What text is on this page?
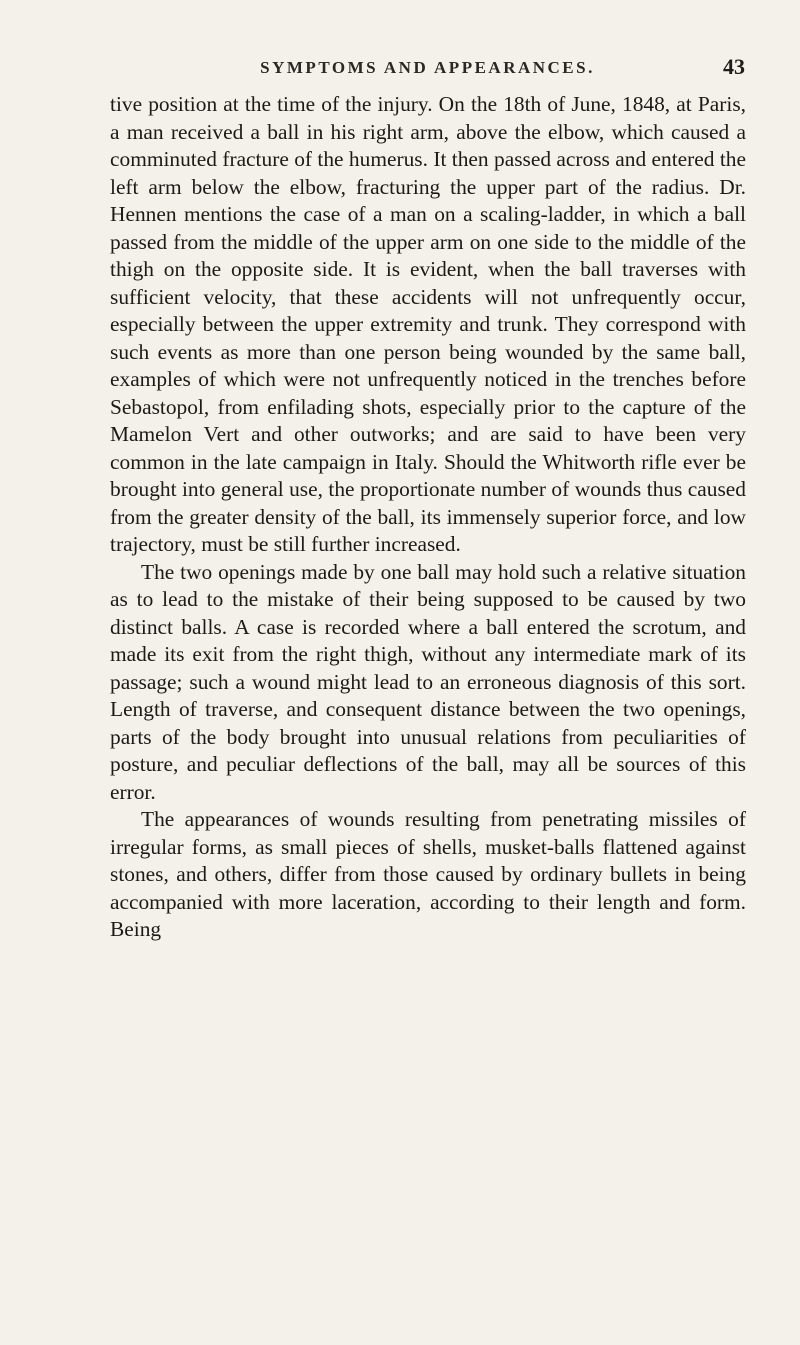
SYMPTOMS AND APPEARANCES.	43

tive position at the time of the injury. On the 18th of June, 1848, at Paris, a man received a ball in his right arm, above the elbow, which caused a comminuted fracture of the humerus. It then passed across and entered the left arm below the elbow, fracturing the upper part of the radius. Dr. Hennen mentions the case of a man on a scaling-ladder, in which a ball passed from the middle of the upper arm on one side to the middle of the thigh on the opposite side. It is evident, when the ball traverses with sufficient velocity, that these accidents will not unfrequently occur, especially between the upper extremity and trunk. They correspond with such events as more than one person being wounded by the same ball, examples of which were not unfrequently noticed in the trenches before Sebastopol, from enfilading shots, especially prior to the capture of the Mamelon Vert and other outworks; and are said to have been very common in the late campaign in Italy. Should the Whitworth rifle ever be brought into general use, the proportionate number of wounds thus caused from the greater density of the ball, its immensely superior force, and low trajectory, must be still further increased.

The two openings made by one ball may hold such a relative situation as to lead to the mistake of their being supposed to be caused by two distinct balls. A case is recorded where a ball entered the scrotum, and made its exit from the right thigh, without any intermediate mark of its passage; such a wound might lead to an erroneous diagnosis of this sort. Length of traverse, and consequent distance between the two openings, parts of the body brought into unusual relations from peculiarities of posture, and peculiar deflections of the ball, may all be sources of this error.

The appearances of wounds resulting from penetrating missiles of irregular forms, as small pieces of shells, musket-balls flattened against stones, and others, differ from those caused by ordinary bullets in being accompanied with more laceration, according to their length and form. Being
